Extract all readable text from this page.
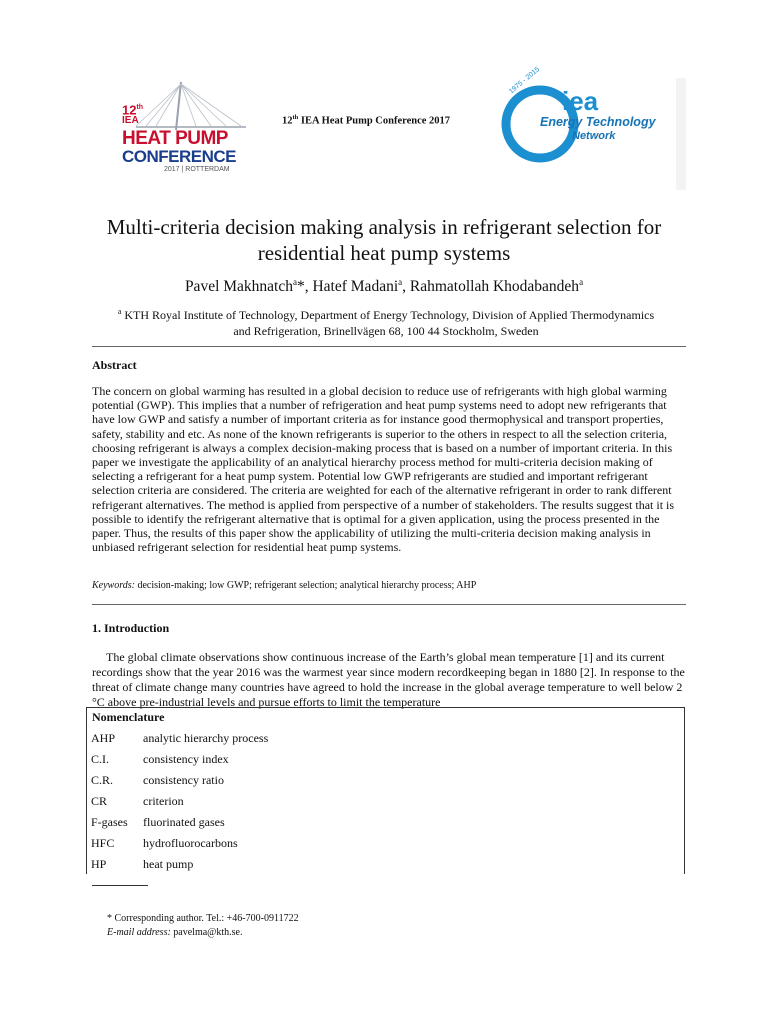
12th
IEA
HEAT PUMP
CONFERENCE
2017 | ROTTERDAM
12th IEA Heat Pump Conference 2017
1975 - 2015
iea
Energy Technology
Network
Multi-criteria decision making analysis in refrigerant selection for
residential heat pump systems
Pavel Makhnatch$^a$*, Hatef Madani$^a$, Rahmatollah Khodabandeh$^a$
$^a$ KTH Royal Institute of Technology, Department of Energy Technology, Division of Applied Thermodynamics
and Refrigeration, Brinellvägen 68, 100 44 Stockholm, Sweden
Abstract
The concern on global warming has resulted in a global decision to reduce use of refrigerants with high global warming potential (GWP). This implies that a number of refrigeration and heat pump systems need to adopt new refrigerants that have low GWP and satisfy a number of important criteria as for instance good thermophysical and transport properties, safety, stability and etc. As none of the known refrigerants is superior to the others in respect to all the selection criteria, choosing refrigerant is always a complex decision-making process that is based on a number of important criteria. In this paper we investigate the applicability of an analytical hierarchy process method for multi-criteria decision making of selecting a refrigerant for a heat pump system. Potential low GWP refrigerants are studied and important refrigerant selection criteria are considered. The criteria are weighted for each of the alternative refrigerant in order to rank different refrigerant alternatives. The method is applied from perspective of a number of stakeholders. The results suggest that it is possible to identify the refrigerant alternative that is optimal for a given application, using the process presented in the paper. Thus, the results of this paper show the applicability of utilizing the multi-criteria decision making analysis in unbiased refrigerant selection for residential heat pump systems.
Keywords: decision-making; low GWP; refrigerant selection; analytical hierarchy process; AHP
1. Introduction
The global climate observations show continuous increase of the Earth’s global mean temperature [1] and its current recordings show that the year 2016 was the warmest year since modern recordkeeping began in 1880 [2]. In response to the threat of climate change many countries have agreed to hold the increase in the global average temperature to well below 2 °C above pre-industrial levels and pursue efforts to limit the temperature
Nomenclature
AHP	analytic hierarchy process
C.I.	consistency index
C.R.	consistency ratio
CR	criterion
F-gases	fluorinated gases
HFC	hydrofluorocarbons
HP	heat pump
* Corresponding author. Tel.: +46-700-0911722
E-mail address: pavelma@kth.se.
